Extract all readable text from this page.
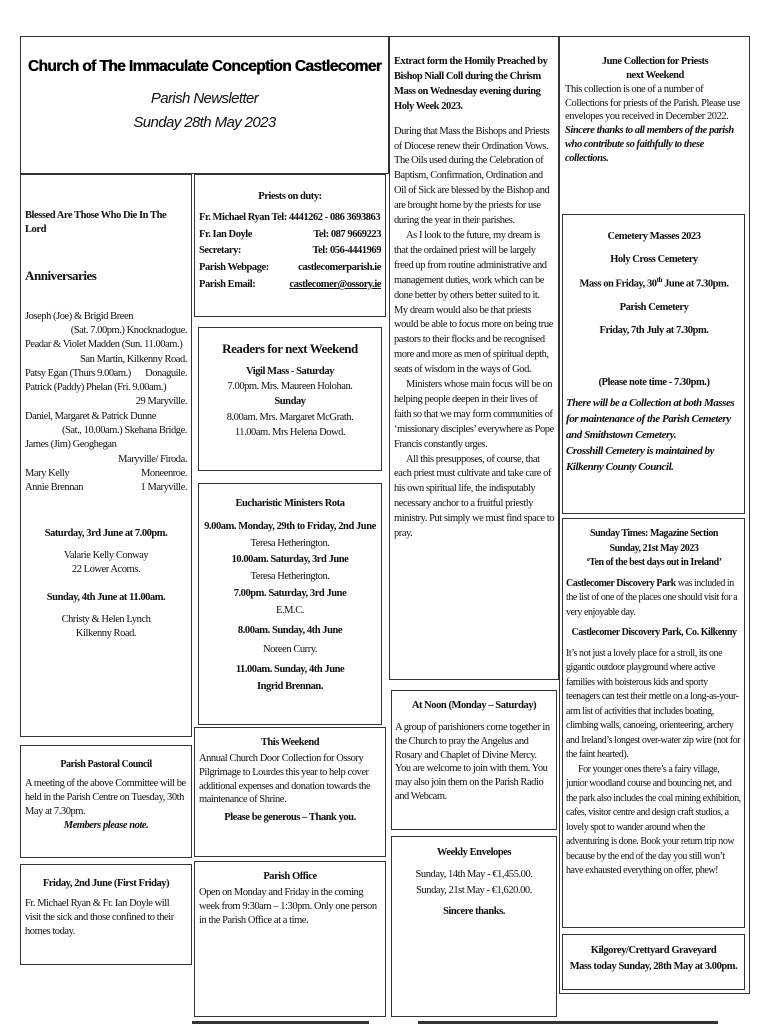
Church of The Immaculate Conception Castlecomer
Parish Newsletter
Sunday 28th May 2023
Blessed Are Those Who Die In The Lord
Anniversaries
Joseph (Joe) & Brigid Breen
(Sat. 7.00pm.) Knocknadogue.
Peadar & Violet Madden (Sun. 11.00am.)
San Martin, Kilkenny Road.
Patsy Egan (Thurs 9.00am.) Donaguile.
Patrick (Paddy) Phelan (Fri. 9.00am.)
29 Maryville.
Daniel, Margaret & Patrick Dunne
(Sat., 10.00am.) Skehana Bridge.
James (Jim) Geoghegan
Maryville/ Firoda.
Mary Kelly	Moneenroe.
Annie Brennan	1 Maryville.
Saturday, 3rd June at 7.00pm.
Valarie Kelly Conway
22 Lower Acorns.
Sunday, 4th June at 11.00am.
Christy & Helen Lynch
Kilkenny Road.
Parish Pastoral Council

A meeting of the above Committee will be held in the Parish Centre on Tuesday, 30th May at 7.30pm.

Members please note.

Friday, 2nd June (First Friday)

Fr. Michael Ryan & Fr. Ian Doyle will visit the sick and those confined to their homes today.

Priests on duty:
Fr. Michael Ryan Tel: 4441262 - 086 3693863
Fr. Ian Doyle	Tel: 087 9669223
Secretary:	Tel: 056-4441969
Parish Webpage:	castlecomerparish.ie
Parish Email:	castlecomer@ossory.ie
Readers for next Weekend
Vigil Mass - Saturday
7.00pm. Mrs. Maureen Holohan.
Sunday
8.00am. Mrs. Margaret McGrath.
11.00am. Mrs Helena Dowd.
Eucharistic Ministers Rota
9.00am. Monday, 29th to Friday, 2nd June
Teresa Hetherington.
10.00am. Saturday, 3rd June
Teresa Hetherington.
7.00pm. Saturday, 3rd June
E.M.C.
8.00am. Sunday, 4th June
Noreen Curry.
11.00am. Sunday, 4th June
Ingrid Brennan.
This Weekend

Annual Church Door Collection for Ossory Pilgrimage to Lourdes this year to help cover additional expenses and donation towards the maintenance of Shrine.

Please be generous – Thank you.

Parish Office

Open on Monday and Friday in the coming week from 9:30am – 1:30pm. Only one person in the Parish Office at a time.

Extract form the Homily Preached by Bishop Niall Coll during the Chrism Mass on Wednesday evening during Holy Week 2023.

During that Mass the Bishops and Priests of Diocese renew their Ordination Vows. The Oils used during the Celebration of Baptism, Confirmation, Ordination and Oil of Sick are blessed by the Bishop and are brought home by the priests for use during the year in their parishes.

As I look to the future, my dream is that the ordained priest will be largely freed up from routine administrative and management duties, work which can be done better by others better suited to it. My dream would also be that priests would be able to focus more on being true pastors to their flocks and be recognised more and more as men of spiritual depth, seats of wisdom in the ways of God.

Ministers whose main focus will be on helping people deepen in their lives of faith so that we may form communities of ‘missionary disciples’ everywhere as Pope Francis constantly urges.

All this presupposes, of course, that each priest must cultivate and take care of his own spiritual life, the indisputably necessary anchor to a fruitful priestly ministry. Put simply we must find space to pray.

At Noon (Monday – Saturday)

A group of parishioners come together in the Church to pray the Angelus and Rosary and Chaplet of Divine Mercy. You are welcome to join with them. You may also join them on the Parish Radio and Webcam.

Weekly Envelopes
Sunday, 14th May - €1,455.00.
Sunday, 21st May - €1,620.00.
Sincere thanks.
June Collection for Priests
next Weekend

This collection is one of a number of Collections for priests of the Parish. Please use envelopes you received in December 2022. Sincere thanks to all members of the parish who contribute so faithfully to these collections.

Cemetery Masses 2023
Holy Cross Cemetery
Mass on Friday, 30th June at 7.30pm.
Parish Cemetery
Friday, 7th July at 7.30pm.
(Please note time - 7.30pm.)

There will be a Collection at both Masses for maintenance of the Parish Cemetery and Smithstown Cemetery.

Crosshill Cemetery is maintained by Kilkenny County Council.

Sunday Times: Magazine Section
Sunday, 21st May 2023
‘Ten of the best days out in Ireland’

Castlecomer Discovery Park was included in the list of one of the places one should visit for a very enjoyable day.

Castlecomer Discovery Park, Co. Kilkenny

It’s not just a lovely place for a stroll, its one gigantic outdoor playground where active families with boisterous kids and sporty teenagers can test their mettle on a long-as-your-arm list of activities that includes boating, climbing walls, canoeing, orienteering, archery and Ireland’s longest over-water zip wire (not for the faint hearted).

For younger ones there’s a fairy village, junior woodland course and bouncing net, and the park also includes the coal mining exhibition, cafes, visitor centre and design craft studios, a lovely spot to wander around when the adventuring is done. Book your return trip now because by the end of the day you still won’t have exhausted everything on offer, phew!

Kilgorey/Crettyard Graveyard
Mass today Sunday, 28th May at 3.00pm.
